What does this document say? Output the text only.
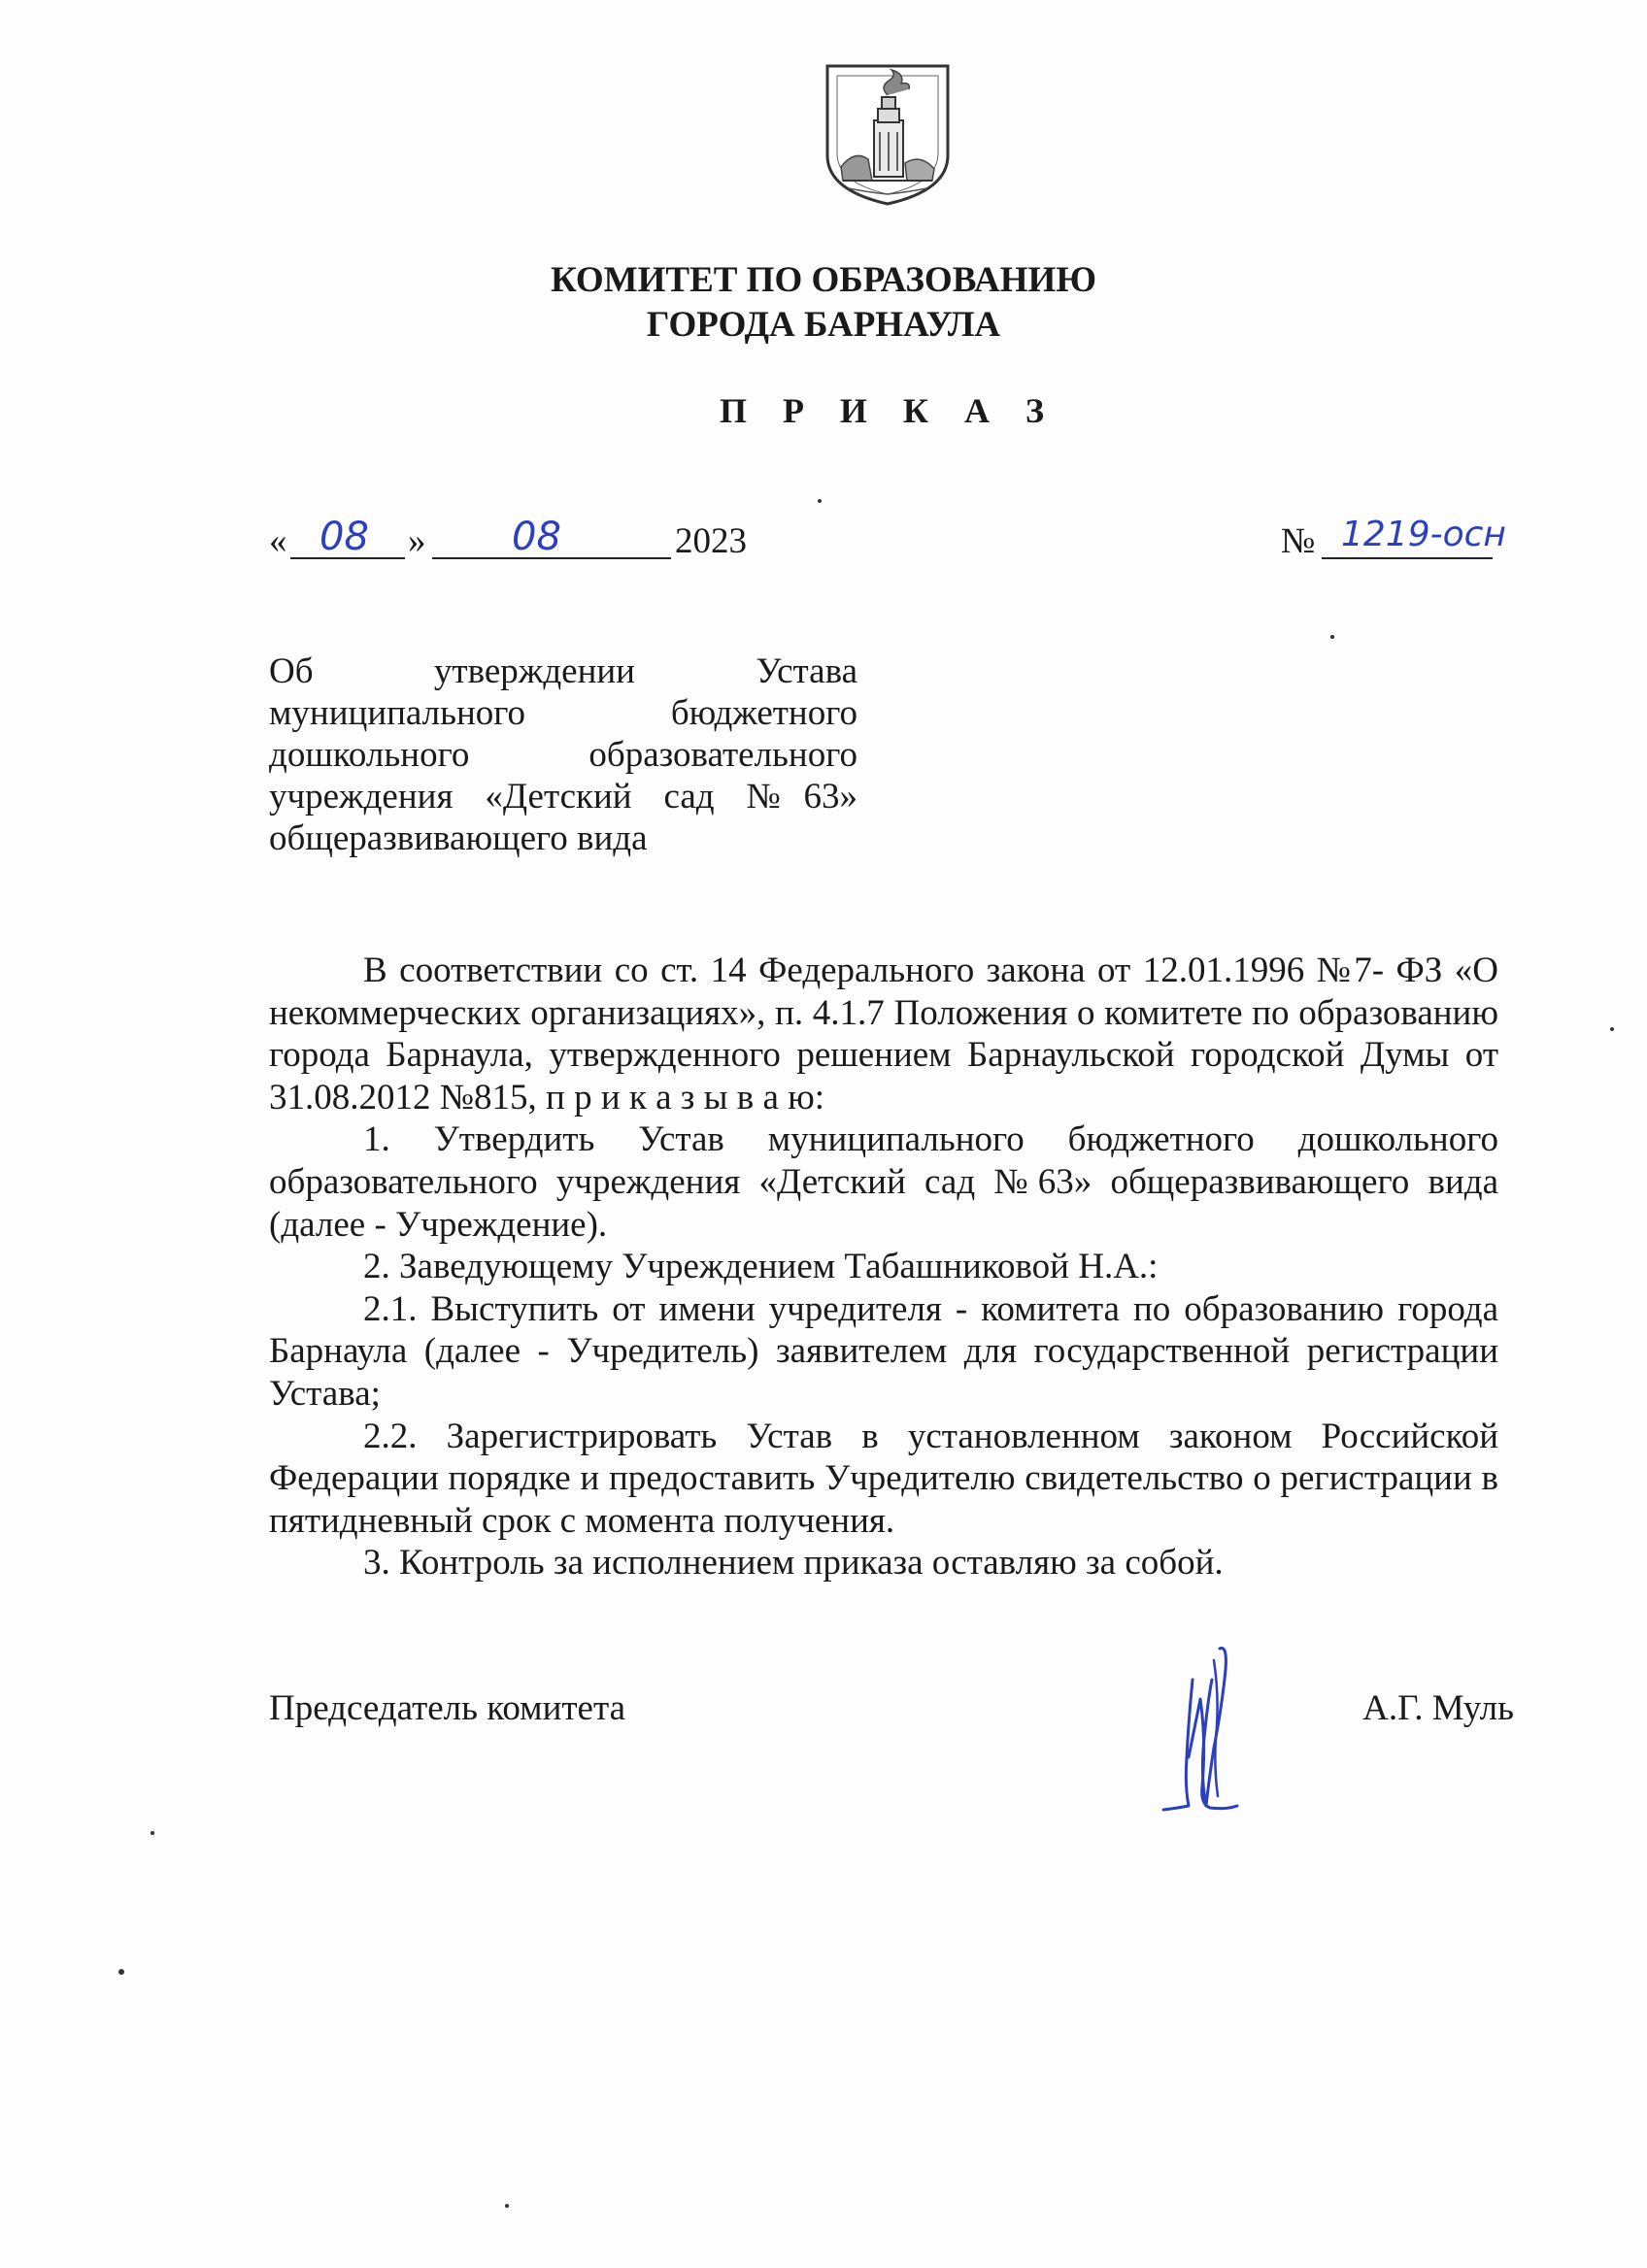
КОМИТЕТ ПО ОБРАЗОВАНИЮ
ГОРОДА БАРНАУЛА
П Р И К А З
« 08 » 08	2023	№ 1219-осн
Об утверждении Устава
муниципального бюджетного
дошкольного образовательного
учреждения «Детский сад №63»
общеразвивающего вида

В соответствии со ст. 14 Федерального закона от 12.01.1996 №7- ФЗ «О некоммерческих организациях», п. 4.1.7 Положения о комитете по образованию города Барнаула, утвержденного решением Барнаульской городской Думы от 31.08.2012 №815, п р и к а з ы в а ю:

1. Утвердить Устав муниципального бюджетного дошкольного образовательного учреждения «Детский сад №63» общеразвивающего вида (далее - Учреждение).

2. Заведующему Учреждением Табашниковой Н.А.:

2.1. Выступить от имени учредителя - комитета по образованию города Барнаула (далее - Учредитель) заявителем для государственной регистрации Устава;

2.2. Зарегистрировать Устав в установленном законом Российской Федерации порядке и предоставить Учредителю свидетельство о регистрации в пятидневный срок с момента получения.

3. Контроль за исполнением приказа оставляю за собой.

Председатель комитета	А.Г. Муль
